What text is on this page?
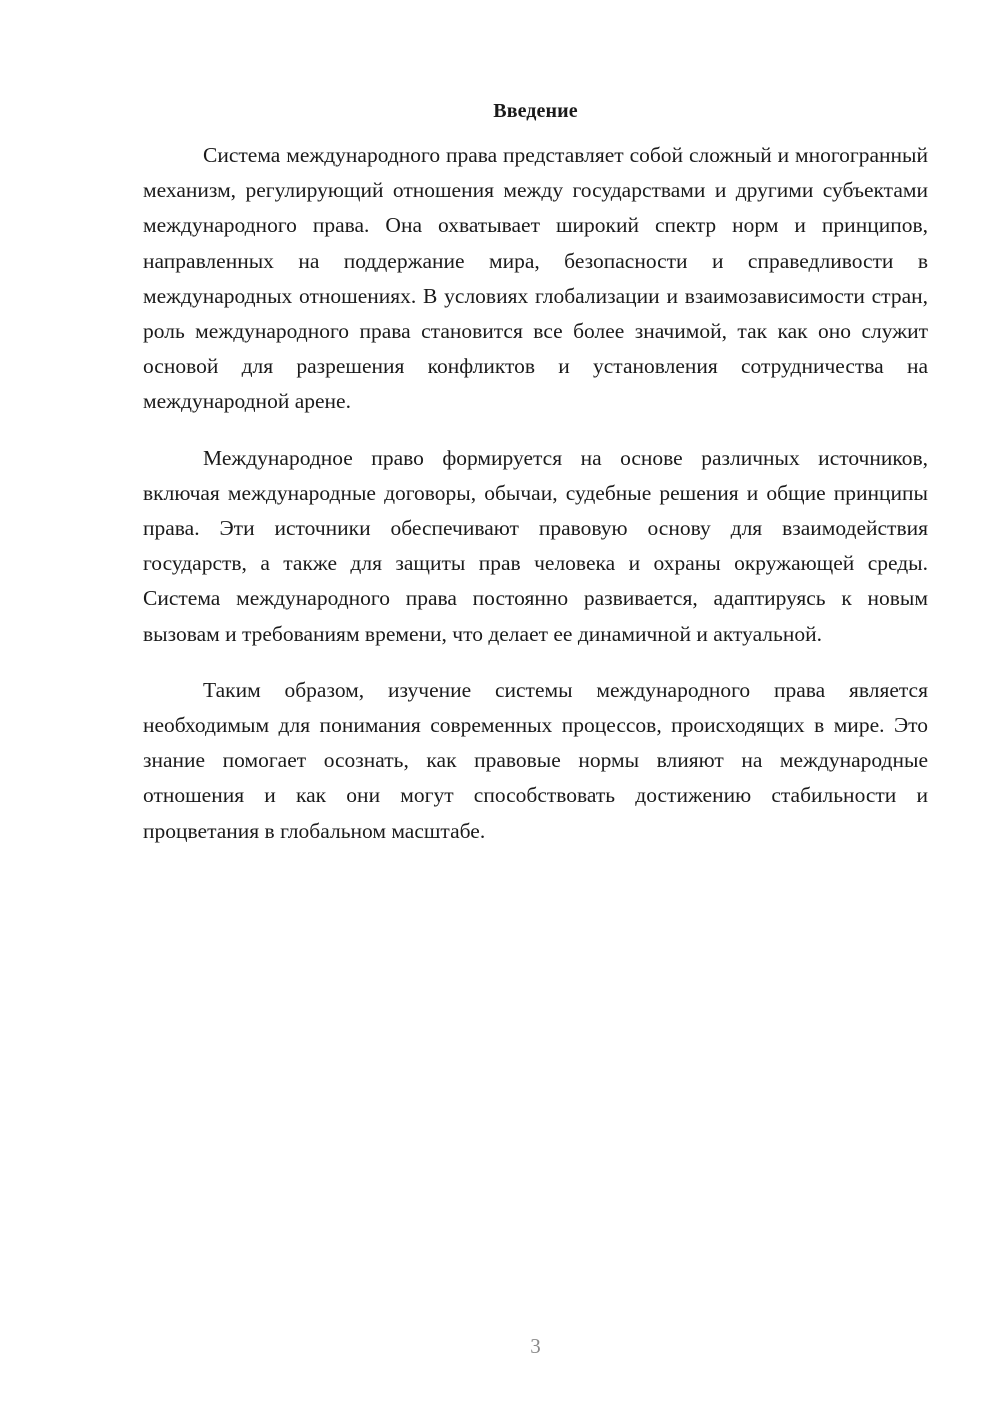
Введение

Система международного права представляет собой сложный и многогранный механизм, регулирующий отношения между государствами и другими субъектами международного права. Она охватывает широкий спектр норм и принципов, направленных на поддержание мира, безопасности и справедливости в международных отношениях. В условиях глобализации и взаимозависимости стран, роль международного права становится все более значимой, так как оно служит основой для разрешения конфликтов и установления сотрудничества на международной арене.

Международное право формируется на основе различных источников, включая международные договоры, обычаи, судебные решения и общие принципы права. Эти источники обеспечивают правовую основу для взаимодействия государств, а также для защиты прав человека и охраны окружающей среды. Система международного права постоянно развивается, адаптируясь к новым вызовам и требованиям времени, что делает ее динамичной и актуальной.

Таким образом, изучение системы международного права является необходимым для понимания современных процессов, происходящих в мире. Это знание помогает осознать, как правовые нормы влияют на международные отношения и как они могут способствовать достижению стабильности и процветания в глобальном масштабе.

3
